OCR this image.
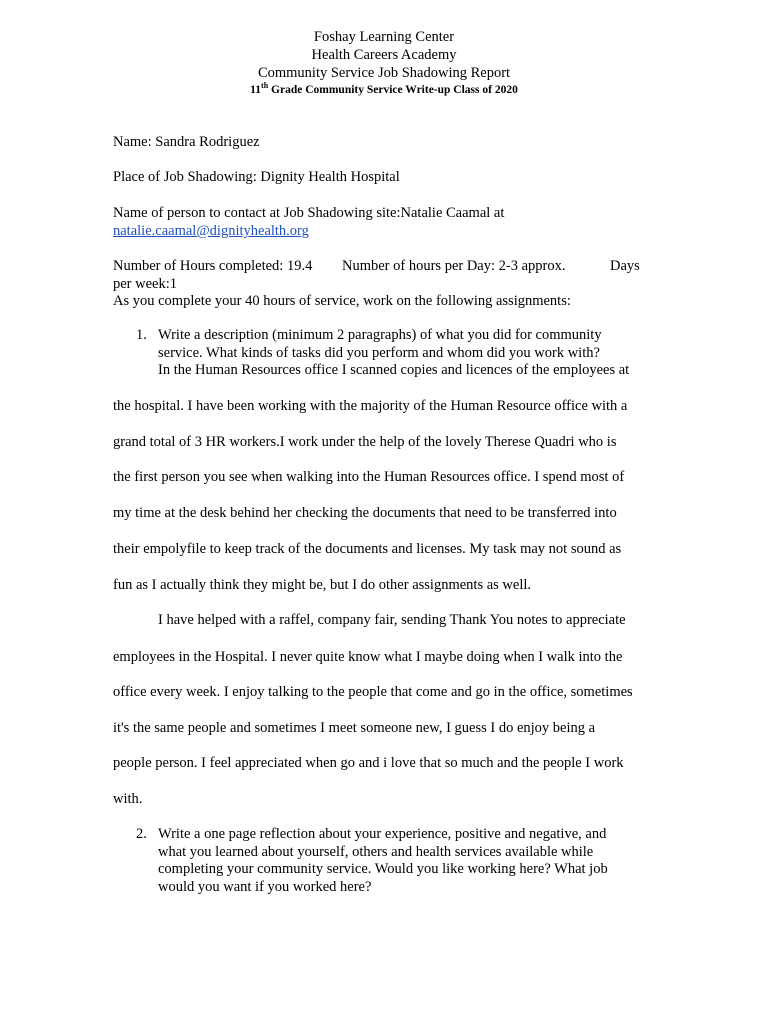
Foshay Learning Center
Health Careers Academy
Community Service Job Shadowing Report
11th Grade Community Service Write-up Class of 2020
Name: Sandra Rodriguez
Place of Job Shadowing: Dignity Health Hospital
Name of person to contact at Job Shadowing site:Natalie Caamal at
natalie.caamal@dignityhealth.org
Number of Hours completed: 19.4 Number of hours per Day: 2-3 approx.	Days
per week:1
As you complete your 40 hours of service, work on the following assignments:
1. Write a description (minimum 2 paragraphs) of what you did for community
service. What kinds of tasks did you perform and whom did you work with?
In the Human Resources office I scanned copies and licences of the employees at
the hospital. I have been working with the majority of the Human Resource office with a
grand total of 3 HR workers.I work under the help of the lovely Therese Quadri who is
the first person you see when walking into the Human Resources office. I spend most of
my time at the desk behind her checking the documents that need to be transferred into
their empolyfile to keep track of the documents and licenses. My task may not sound as
fun as I actually think they might be, but I do other assignments as well.
I have helped with a raffel, company fair, sending Thank You notes to appreciate
employees in the Hospital. I never quite know what I maybe doing when I walk into the
office every week. I enjoy talking to the people that come and go in the office, sometimes
it's the same people and sometimes I meet someone new, I guess I do enjoy being a
people person. I feel appreciated when go and i love that so much and the people I work
with.
2. Write a one page reflection about your experience, positive and negative, and
what you learned about yourself, others and health services available while
completing your community service. Would you like working here? What job
would you want if you worked here?
